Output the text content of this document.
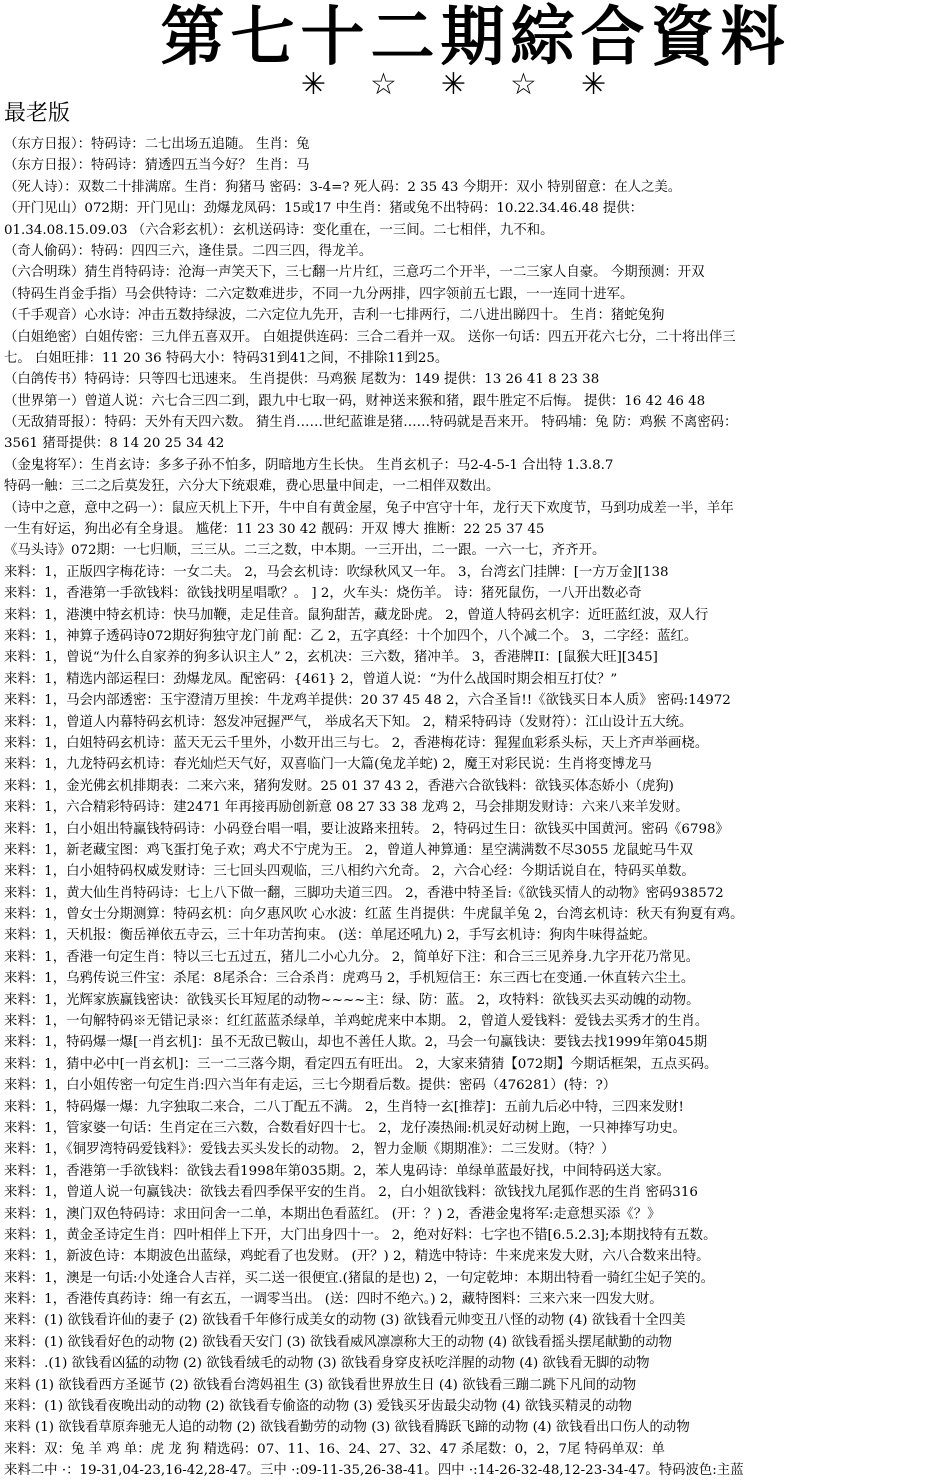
第七十二期綜合資料
✳☆✳☆✳
最老版
（东方日报）：特码诗：二七出场五追随。 生肖：兔
（东方日报）：特码诗：猜透四五当今好？ 生肖：马
（死人诗）：双数二十排满席。生肖：狗猪马 密码：3-4=? 死人码：2 35 43 今期开：双小 特别留意：在人之美。
（开门见山）072期：开门见山：劲爆龙凤码：15或17 中生肖：猪或兔不出特码：10.22.34.46.48 提供：
01.34.08.15.09.03 （六合彩玄机）：玄机送码诗：变化重在，一三间。二七相伴，九不和。
（奇人偷码）：特码：四四三六，逢佳景。二四三四，得龙羊。
（六合明珠）猜生肖特码诗：沧海一声笑天下，三七翻一片片红，三意巧二个开半，一二三家人自豪。 今期预测：开双
（特码生肖金手指）马会供特诗：二六定数难进步，不同一九分两排，四字领前五七跟，一一连同十进军。
（千手观音）心水诗：冲击五数持绿波，二六定位九先开，吉利一七排两行，二八进出睇四十。 生肖：猪蛇兔狗
（白姐绝密）白姐传密：三九伴五喜双开。 白姐提供连码：三合二看并一双。 送你一句话：四五开花六七分，二十将出伴三
七。 白姐旺排：11 20 36 特码大小：特码31到41之间，不排除11到25。
（白鸽传书）特码诗：只等四七迅速来。 生肖提供：马鸡猴 尾数为：149 提供：13 26 41 8 23 38
（世界第一）曾道人说：六七合三四二到，跟九中七取一码，财神送来猴和猪，跟牛胜定不后悔。 提供：16 42 46 48
（无敌猜哥报）：特码：天外有天四六数。 猜生肖……世纪蓝谁是猪……特码就是吾来开。 特码埔：兔 防：鸡猴 不离密码：
3561 猪哥提供：8 14 20 25 34 42
（金鬼将军）：生肖玄诗：多多子孙不怕多，阴暗地方生长快。 生肖玄机子：马2-4-5-1 合出特 1.3.8.7
特码一触：三二之后莫发狂，六分大下统艰难，费心思量中间走，一二相伴双数出。
（诗中之意，意中之码一）：鼠应天机上下开，牛中自有黄金屋，兔子中宫守十年，龙行天下欢度节，马到功成差一半，羊年
一生有好运，狗出必有全身退。 尴佬：11 23 30 42 靓码：开双 博大 推断：22 25 37 45
《马头诗》072期：一七归顺，三三从。二三之数，中本期。一三开出，二一跟。一六一七，齐齐开。
来料：1，正版四字梅花诗：一女二夫。 2，马会玄机诗：吹绿秋风又一年。 3，台湾玄门挂牌：[一方万金][138
来料：1，香港第一手欲钱料：欲钱找明星唱歌？。 ] 2，火车头：烧伤羊。 诗：猪死鼠伤，一八开出数必奇
来料：1，港澳中特玄机诗：快马加鞭，走足佳音。鼠狗甜苦，藏龙卧虎。 2，曾道人特码玄机字：近旺蓝红波，双人行
来料：1，神算子透码诗072期好狗独守龙门前 配：乙 2，五字真经：十个加四个，八个减二个。 3，二字经：蓝红。
来料：1，曾说“为什么自家养的狗多认识主人” 2，玄机决：三六数，猪冲羊。 3，香港牌II：[鼠猴大旺][345]
来料：1，精选内部运程曰：劲爆龙凤。配密码：{461} 2，曾道人说：“为什么战国时期会相互打仗？”
来料：1，马会内部透密：玉宇澄清万里挨：牛龙鸡羊提供：20 37 45 48 2，六合圣旨!!《欲钱买日本人质》 密码:14972
来料：1，曾道人内幕特码玄机诗：怒发冲冠握严气， 举成名天下知。 2，精采特码诗（发财符）：江山设计五大统。
来料：1，白姐特码玄机诗：蓝天无云千里外，小数开出三与七。 2，香港梅花诗：猩猩血彩系头标，天上齐声举画桡。
来料：1，九龙特码玄机诗：春光灿烂天气好，双喜临门一大篇(兔龙羊蛇) 2，魔王对彩民说：生肖将变博龙马
来料：1，金光佛玄机排期表：二来六来，猪狗发财。25 01 37 43 2，香港六合欲钱料：欲钱买体态娇小（虎狗)
来料：1，六合精彩特码诗：建2471 年再接再励创新意 08 27 33 38 龙鸡 2，马会排期发财诗：六来八来羊发财。
来料：1，白小姐出特赢钱特码诗：小码登台唱一唱，要让波路来扭转。 2，特码过生日：欲钱买中国黄河。密码《6798》
来料：1，新老藏宝图：鸡飞蛋打兔子欢；鸡犬不宁虎为王。 2，曾道人神算通：星空满满数不尽3055 龙鼠蛇马牛双
来料：1，白小姐特码权威发财诗：三七回头四观临，三八相约六允奇。 2，六合心经：今期话说自在，特码买单数。
来料：1，黄大仙生肖特码诗：七上八下做一翻，三脚功夫道三四。 2，香港中特圣旨:《欲钱买情人的动物》密码938572
来料：1，曾女士分期测算：特码玄机：向夕惠风吹 心水波：红蓝 生肖提供：牛虎鼠羊兔 2，台湾玄机诗：秋天有狗夏有鸡。
来料：1，天机报：衡岳禅依五寺云，三十年功苦拘束。 (送：单尾还吼九) 2，手写玄机诗：狗肉牛味得益蛇。
来料：1，香港一句定生肖：特以三七五过五，猪儿二小心九分。 2，简单好下注：和合三三见养身.九字开花乃常见。
来料：1，乌鸦传说三件宝：杀尾：8尾杀合：三合杀肖：虎鸡马 2，手机短信王：东三西七在变通.一休直转六尘土。
来料：1，光辉家族赢钱密诀：欲钱买长耳短尾的动物~~~~主：绿、防：蓝。 2，攻特料：欲钱买去买动魄的动物。
来料：1，一句解特码※无错记录※：红红蓝蓝杀绿单，羊鸡蛇虎来中本期。 2，曾道人爱钱料：爱钱去买秀才的生肖。
来料：1，特码爆一爆[一肖玄机]：虽不无敌已鞍山，却也不善任人欺。2，马会一句赢钱诀：要钱去找1999年第045期
来料：1，猜中必中[一肖玄机]：三一二三落今期，看定四五有旺出。 2，大家来猜猜【072期】今期话框架，五点买码。
来料：1，白小姐传密一句定生肖:四六当年有走运，三七今期看后数。提供：密码（476281）(特：?）
来料：1，特码爆一爆：九字独取二来合，二八丁配五不满。 2，生肖特一玄[推荐]：五前九后必中特，三四来发财!
来料：1，管家婆一句话：生肖定在三六数，合数看好四十七。 2，龙仔凑热闹:机灵好动树上跑，一只神捧写功史。
来料：1，《铜罗湾特码爱钱料》：爱钱去买头发长的动物。 2，智力金顺《期期准》：二三发财。（特？）
来料：1，香港第一手欲钱料：欲钱去看1998年第035期。2，苯人鬼码诗：单绿单蓝最好找，中间特码送大家。
来料：1，曾道人说一句赢钱决：欲钱去看四季保平安的生肖。 2，白小姐欲钱料：欲钱找九尾狐作恶的生肖 密码316
来料：1，澳门双色特码诗：求田问舍一二单，本期出色看蓝红。 (开：？) 2，香港金鬼将军:走意想买添《？》
来料：1，黄金圣诗定生肖：四叶相伴上下开，大门出身四十一。 2，绝对好料：七字也不错[6.5.2.3];本期找特有五数。
来料：1，新波色诗：本期波色出蓝绿，鸡蛇看了也发财。 (开？) 2，精选中特诗：牛来虎来发大财，六八合数来出特。
来料：1，澳是一句话:小处逢合人吉祥，买二送一很便宜.(猪鼠的是也) 2，一句定乾坤：本期出特看一骑红尘妃子笑的。
来料：1，香港传真药诗：绵一有玄五，一调零当出。 (送：四时不绝六。) 2，藏特图料：三来六来一四发大财。
来料：(1) 欲钱看许仙的妻子 (2) 欲钱看千年修行成美女的动物 (3) 欲钱看元帅变丑八怪的动物 (4) 欲钱看十全四美
来料：(1) 欲钱看好色的动物 (2) 欲钱看天安门 (3) 欲钱看威风凛凛称大王的动物 (4) 欲钱看摇头摆尾献勤的动物
来料：.(1) 欲钱看凶猛的动物 (2) 欲钱看绒毛的动物 (3) 欲钱看身穿皮袄吃洋腥的动物 (4) 欲钱看无脚的动物
来料 (1) 欲钱看西方圣诞节 (2) 欲钱看台湾妈祖生 (3) 欲钱看世界放生日 (4) 欲钱看三蹦二跳下凡间的动物
来料：(1) 欲钱看夜晚出动的动物 (2) 欲钱看专偷盗的动物 (3) 爱钱买牙齿最尖动物 (4) 欲钱买精灵的动物
来料 (1) 欲钱看草原奔驰无人追的动物 (2) 欲钱看勤劳的动物 (3) 欲钱看腾跃飞蹄的动物 (4) 欲钱看出口伤人的动物
来料：双：兔 羊 鸡 单：虎 龙 狗 精选码：07、11、16、24、27、32、47 杀尾数：0，2，7尾 特码单双：单
来料二中 ·：19-31,04-23,16-42,28-47。三中 ·:09-11-35,26-38-41。四中 ·:14-26-32-48,12-23-34-47。特码波色:主蓝
